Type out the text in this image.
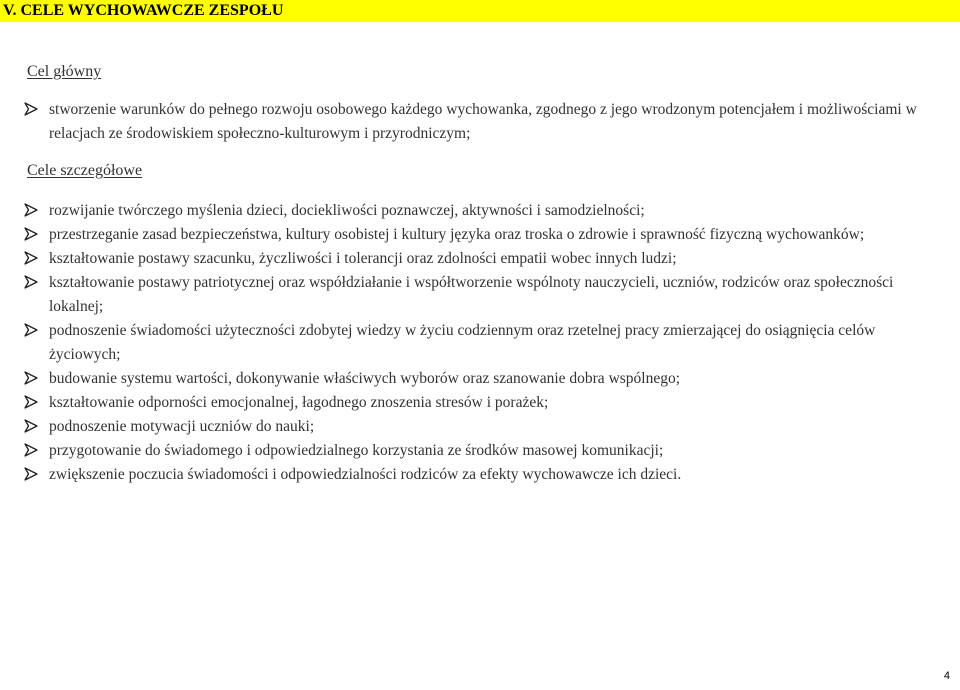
V. CELE WYCHOWAWCZE ZESPOŁU
Cel główny
stworzenie warunków do pełnego rozwoju osobowego każdego wychowanka, zgodnego z jego wrodzonym potencjałem i możliwościami w relacjach ze środowiskiem społeczno-kulturowym i przyrodniczym;
Cele szczegółowe
rozwijanie twórczego myślenia dzieci, dociekliwości poznawczej, aktywności i samodzielności;
przestrzeganie zasad bezpieczeństwa, kultury osobistej i kultury języka oraz troska o zdrowie i sprawność fizyczną wychowanków;
kształtowanie postawy szacunku, życzliwości i tolerancji oraz zdolności empatii wobec innych ludzi;
kształtowanie postawy patriotycznej oraz współdziałanie i współtworzenie wspólnoty nauczycieli, uczniów, rodziców oraz społeczności lokalnej;
podnoszenie świadomości użyteczności zdobytej wiedzy w życiu codziennym oraz rzetelnej pracy zmierzającej do osiągnięcia celów życiowych;
budowanie systemu wartości, dokonywanie właściwych wyborów oraz szanowanie dobra wspólnego;
kształtowanie odporności emocjonalnej, łagodnego znoszenia stresów i porażek;
podnoszenie motywacji uczniów do nauki;
przygotowanie do świadomego i odpowiedzialnego korzystania ze środków masowej komunikacji;
zwiększenie poczucia świadomości i odpowiedzialności rodziców za efekty wychowawcze ich dzieci.
4
